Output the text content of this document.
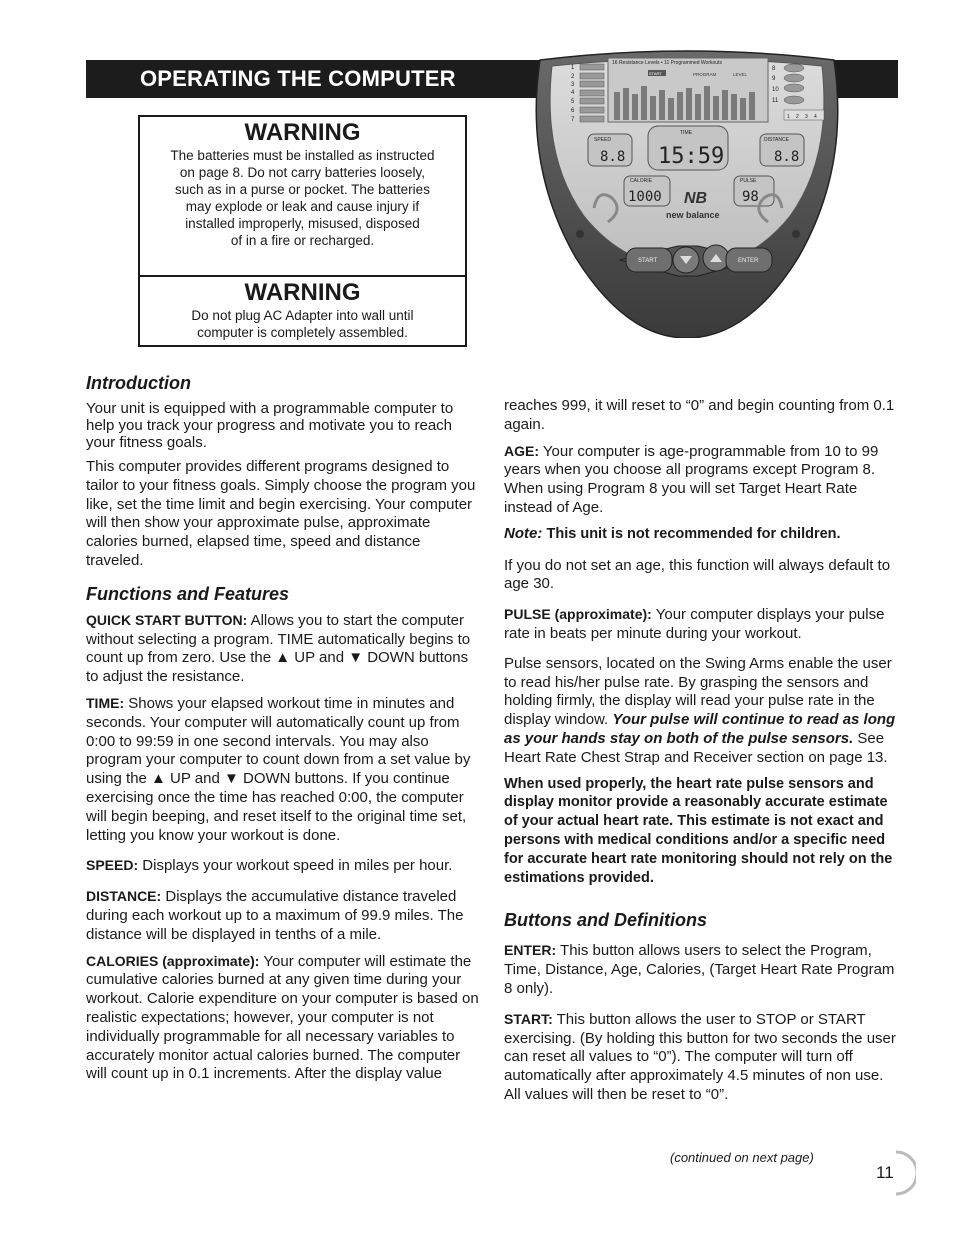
OPERATING THE COMPUTER
16 Resistance Levels • 11 Programmed Workouts
PROGRAM	LEVEL
START
1
2
3
4
5
6
7
8
9
10
11
1 2 3 4
SPEED
8.8
TIME
15:59
DISTANCE
8.8
CALORIE
1000
PULSE
98
NB
new balance
START	ENTER
WARNING
The batteries must be installed as instructed
on page 8. Do not carry batteries loosely,
such as in a purse or pocket. The batteries
may explode or leak and cause injury if
installed improperly, misused, disposed
of in a fire or recharged.
WARNING
Do not plug AC Adapter into wall until
computer is completely assembled.
Introduction

Your unit is equipped with a programmable computer to help you track your progress and motivate you to reach your fitness goals.

This computer provides different programs designed to tailor to your fitness goals. Simply choose the program you like, set the time limit and begin exercising. Your computer will then show your approximate pulse, approximate calories burned, elapsed time, speed and distance traveled.

Functions and Features

QUICK START BUTTON: Allows you to start the computer without selecting a program. TIME automatically begins to count up from zero. Use the ▲ UP and ▼ DOWN buttons to adjust the resistance.

TIME: Shows your elapsed workout time in minutes and seconds. Your computer will automatically count up from 0:00 to 99:59 in one second intervals. You may also program your computer to count down from a set value by using the ▲ UP and ▼ DOWN buttons. If you continue exercising once the time has reached 0:00, the computer will begin beeping, and reset itself to the original time set, letting you know your workout is done.

SPEED: Displays your workout speed in miles per hour.

DISTANCE: Displays the accumulative distance traveled during each workout up to a maximum of 99.9 miles. The distance will be displayed in tenths of a mile.

CALORIES (approximate): Your computer will estimate the cumulative calories burned at any given time during your workout. Calorie expenditure on your computer is based on realistic expectations; however, your computer is not individually programmable for all necessary variables to accurately monitor actual calories burned. The computer will count up in 0.1 increments. After the display value

reaches 999, it will reset to “0” and begin counting from 0.1 again.

AGE: Your computer is age-programmable from 10 to 99 years when you choose all programs except Program 8. When using Program 8 you will set Target Heart Rate instead of Age.

Note: This unit is not recommended for children.

If you do not set an age, this function will always default to age 30.

PULSE (approximate): Your computer displays your pulse rate in beats per minute during your workout.

Pulse sensors, located on the Swing Arms enable the user to read his/her pulse rate. By grasping the sensors and holding firmly, the display will read your pulse rate in the display window. Your pulse will continue to read as long as your hands stay on both of the pulse sensors. See Heart Rate Chest Strap and Receiver section on page 13.

When used properly, the heart rate pulse sensors and display monitor provide a reasonably accurate estimate of your actual heart rate. This estimate is not exact and persons with medical conditions and/or a specific need for accurate heart rate monitoring should not rely on the estimations provided.

Buttons and Definitions

ENTER: This button allows users to select the Program, Time, Distance, Age, Calories, (Target Heart Rate Program 8 only).

START: This button allows the user to STOP or START exercising. (By holding this button for two seconds the user can reset all values to “0”). The computer will turn off automatically after approximately 4.5 minutes of non use. All values will then be reset to “0”.

(continued on next page)
11
